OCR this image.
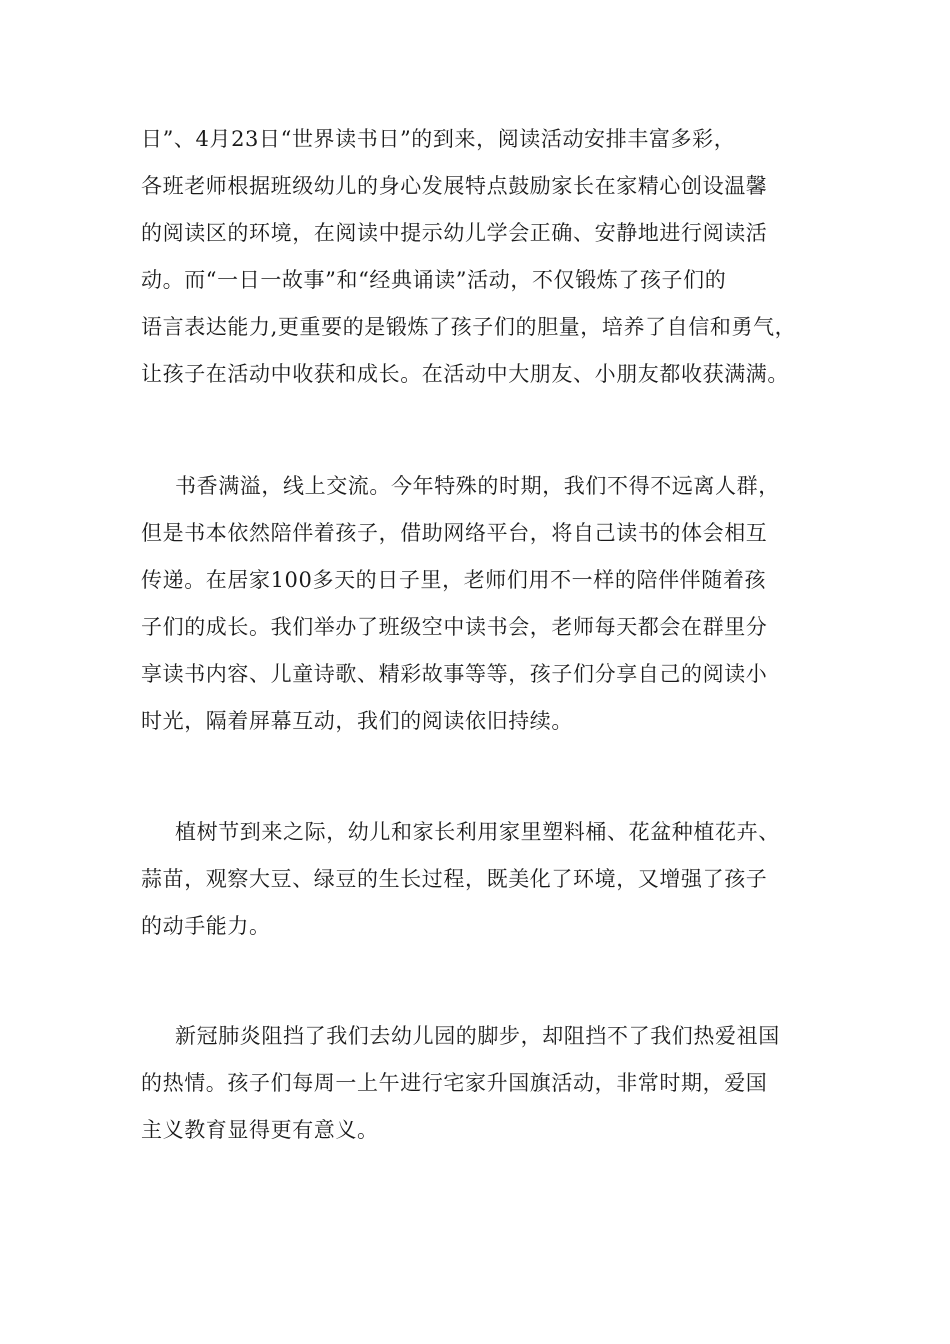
日”、4月23日“世界读书日”的到来，阅读活动安排丰富多彩，
各班老师根据班级幼儿的身心发展特点鼓励家长在家精心创设温馨
的阅读区的环境，在阅读中提示幼儿学会正确、安静地进行阅读活
动。而“一日一故事”和“经典诵读”活动，不仅锻炼了孩子们的
语言表达能力,更重要的是锻炼了孩子们的胆量，培养了自信和勇气，
让孩子在活动中收获和成长。在活动中大朋友、小朋友都收获满满。
书香满溢，线上交流。今年特殊的时期，我们不得不远离人群，
但是书本依然陪伴着孩子，借助网络平台，将自己读书的体会相互
传递。在居家100多天的日子里，老师们用不一样的陪伴伴随着孩
子们的成长。我们举办了班级空中读书会，老师每天都会在群里分
享读书内容、儿童诗歌、精彩故事等等，孩子们分享自己的阅读小
时光，隔着屏幕互动，我们的阅读依旧持续。
植树节到来之际，幼儿和家长利用家里塑料桶、花盆种植花卉、
蒜苗，观察大豆、绿豆的生长过程，既美化了环境，又增强了孩子
的动手能力。
新冠肺炎阻挡了我们去幼儿园的脚步，却阻挡不了我们热爱祖国
的热情。孩子们每周一上午进行宅家升国旗活动，非常时期，爱国
主义教育显得更有意义。
